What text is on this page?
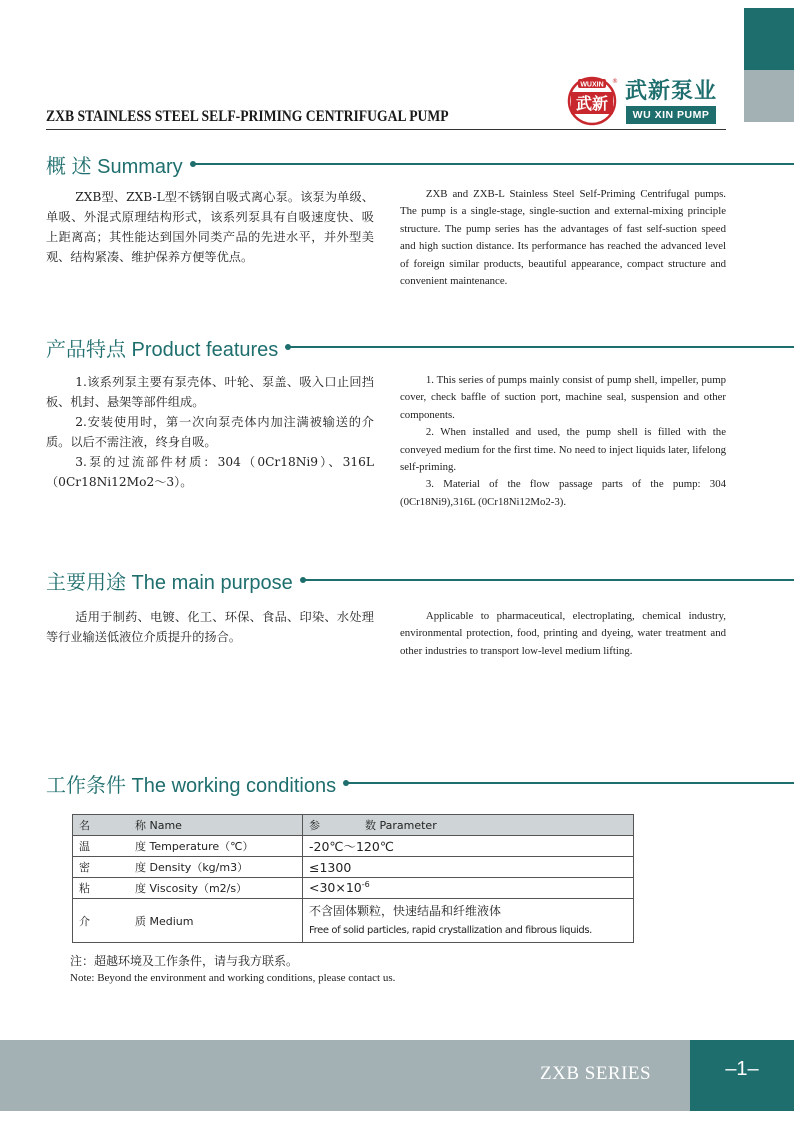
WUXIN
武新
® 武新泵业
WU XIN PUMP
ZXB STAINLESS STEEL SELF-PRIMING CENTRIFUGAL PUMP
概 述 Summary

ZXB型、ZXB-L型不锈钢自吸式离心泵。该泵为单级、单吸、外混式原理结构形式，该系列泵具有自吸速度快、吸上距离高；其性能达到国外同类产品的先进水平，并外型美观、结构紧凑、维护保养方便等优点。

ZXB and ZXB-L Stainless Steel Self-Priming Centrifugal pumps. The pump is a single-stage, single-suction and external-mixing principle structure. The pump series has the advantages of fast self-suction speed and high suction distance. Its performance has reached the advanced level of foreign similar products, beautiful appearance, compact structure and convenient maintenance.

产品特点 Product features

1.该系列泵主要有泵壳体、叶轮、泵盖、吸入口止回挡板、机封、悬架等部件组成。

2.安装使用时，第一次向泵壳体内加注满被输送的介质。以后不需注液，终身自吸。

3.泵的过流部件材质：304（0Cr18Ni9）、316L（0Cr18Ni12Mo2～3）。

1. This series of pumps mainly consist of pump shell, impeller, pump cover, check baffle of suction port, machine seal, suspension and other components.

2. When installed and used, the pump shell is filled with the conveyed medium for the first time. No need to inject liquids later, lifelong self-priming.

3. Material of the flow passage parts of the pump: 304 (0Cr18Ni9),316L (0Cr18Ni12Mo2-3).

主要用途 The main purpose

适用于制药、电镀、化工、环保、食品、印染、水处理等行业输送低液位介质提升的扬合。

Applicable to pharmaceutical, electroplating, chemical industry, environmental protection, food, printing and dyeing, water treatment and other industries to transport low-level medium lifting.

工作条件 The working conditions
名 称 Name	参 数 Parameter
温 度 Temperature（℃）	-20℃～120℃
密 度 Density（kg/m3）	≤1300
粘 度 Viscosity（m2/s）	$<30\times 10^{-6}$
介 质 Medium	不含固体颗粒，快速结晶和纤维液体
Free of solid particles, rapid crystallization and fibrous liquids.
注：超越环境及工作条件，请与我方联系。
Note: Beyond the environment and working conditions, please contact us.
ZXB SERIES	–1–
